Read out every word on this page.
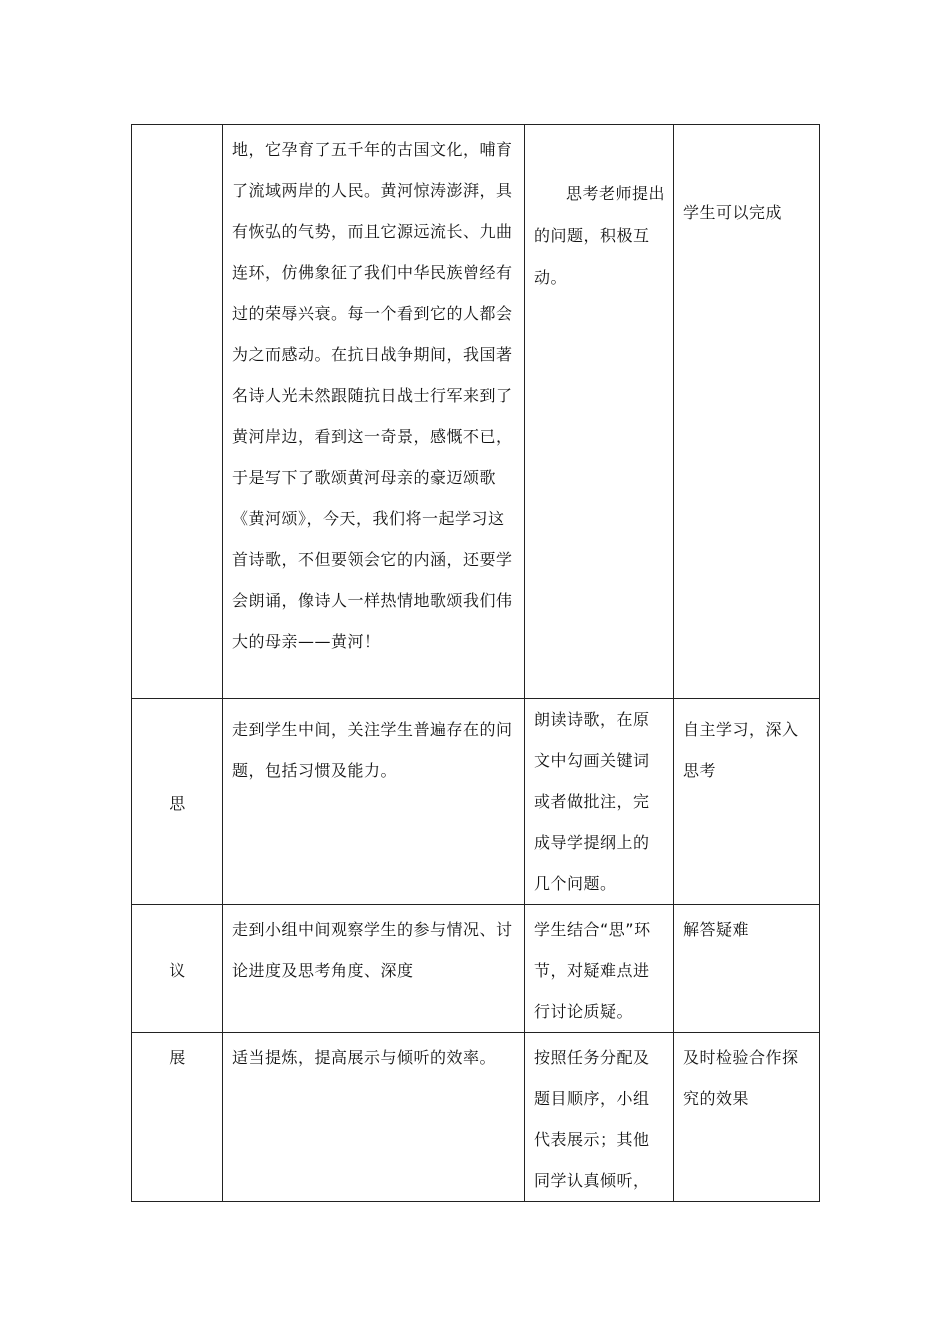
	地，它孕育了五千年的古国文化，哺育了流域两岸的人民。黄河惊涛澎湃，具有恢弘的气势，而且它源远流长、九曲连环，仿佛象征了我们中华民族曾经有过的荣辱兴衰。每一个看到它的人都会为之而感动。在抗日战争期间，我国著名诗人光未然跟随抗日战士行军来到了黄河岸边，看到这一奇景，感慨不已，于是写下了歌颂黄河母亲的豪迈颂歌《黄河颂》，今天，我们将一起学习这首诗歌，不但要领会它的内涵，还要学会朗诵，像诗人一样热情地歌颂我们伟大的母亲——黄河！	思考老师提出的问题，积极互动。	学生可以完成
思	走到学生中间，关注学生普遍存在的问题，包括习惯及能力。	朗读诗歌，在原文中勾画关键词或者做批注，完成导学提纲上的几个问题。	自主学习，深入思考
议	走到小组中间观察学生的参与情况、讨论进度及思考角度、深度	学生结合“思”环节，对疑难点进行讨论质疑。	解答疑难
展	适当提炼，提高展示与倾听的效率。	按照任务分配及题目顺序，小组代表展示；其他同学认真倾听，	及时检验合作探究的效果
